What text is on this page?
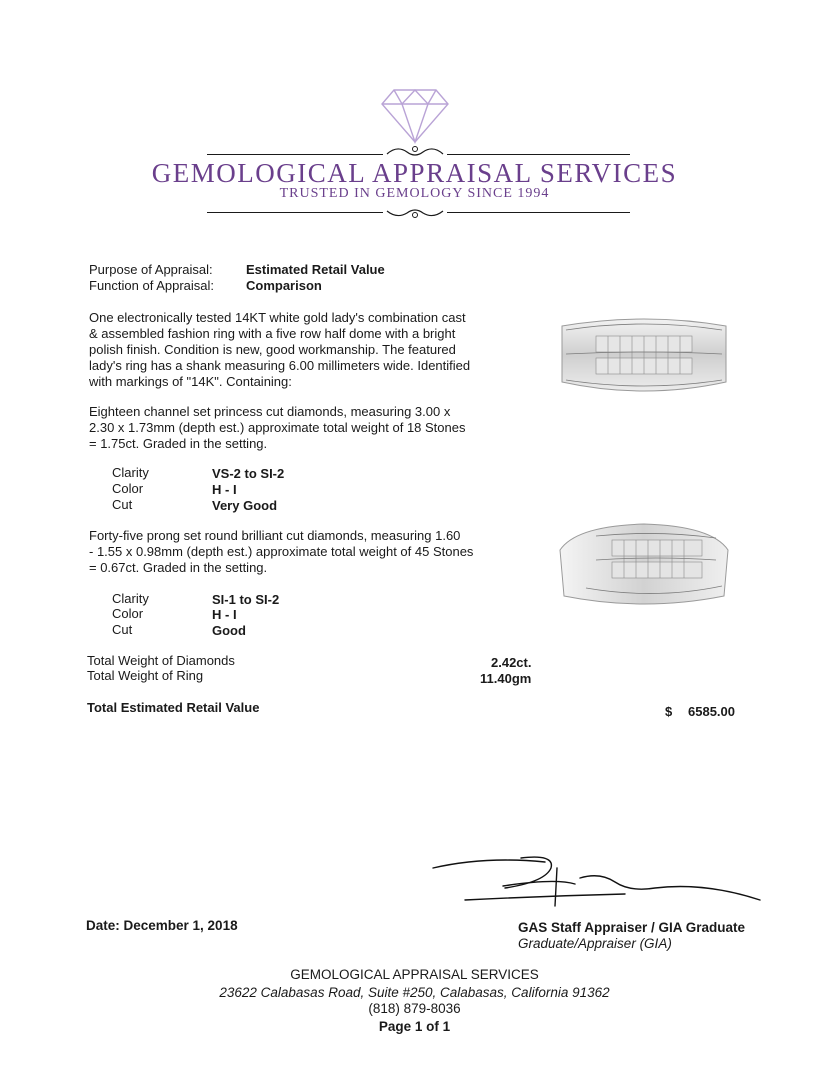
GEMOLOGICAL APPRAISAL SERVICES
TRUSTED IN GEMOLOGY SINCE 1994
Purpose of Appraisal:	Estimated Retail Value
Function of Appraisal: Comparison
One electronically tested 14KT white gold lady's combination cast
& assembled fashion ring with a five row half dome with a bright
polish finish. Condition is new, good workmanship. The featured
lady's ring has a shank measuring 6.00 millimeters wide. Identified
with markings of "14K". Containing:
Eighteen channel set princess cut diamonds, measuring 3.00 x
2.30 x 1.73mm (depth est.) approximate total weight of 18 Stones
= 1.75ct. Graded in the setting.
Clarity	VS-2 to SI-2
Color	H - I
Cut	Very Good
Forty-five prong set round brilliant cut diamonds, measuring 1.60
- 1.55 x 0.98mm (depth est.) approximate total weight of 45 Stones
= 0.67ct. Graded in the setting.
Clarity	SI-1 to SI-2
Color	H - I
Cut	Good
Total Weight of Diamonds	2.42ct.
Total Weight of Ring	11.40gm
Total Estimated Retail Value	$ 6585.00
Date: December 1, 2018	GAS Staff Appraiser / GIA Graduate
Graduate/Appraiser (GIA)
GEMOLOGICAL APPRAISAL SERVICES
23622 Calabasas Road, Suite #250, Calabasas, California 91362
(818) 879-8036
Page 1 of 1
